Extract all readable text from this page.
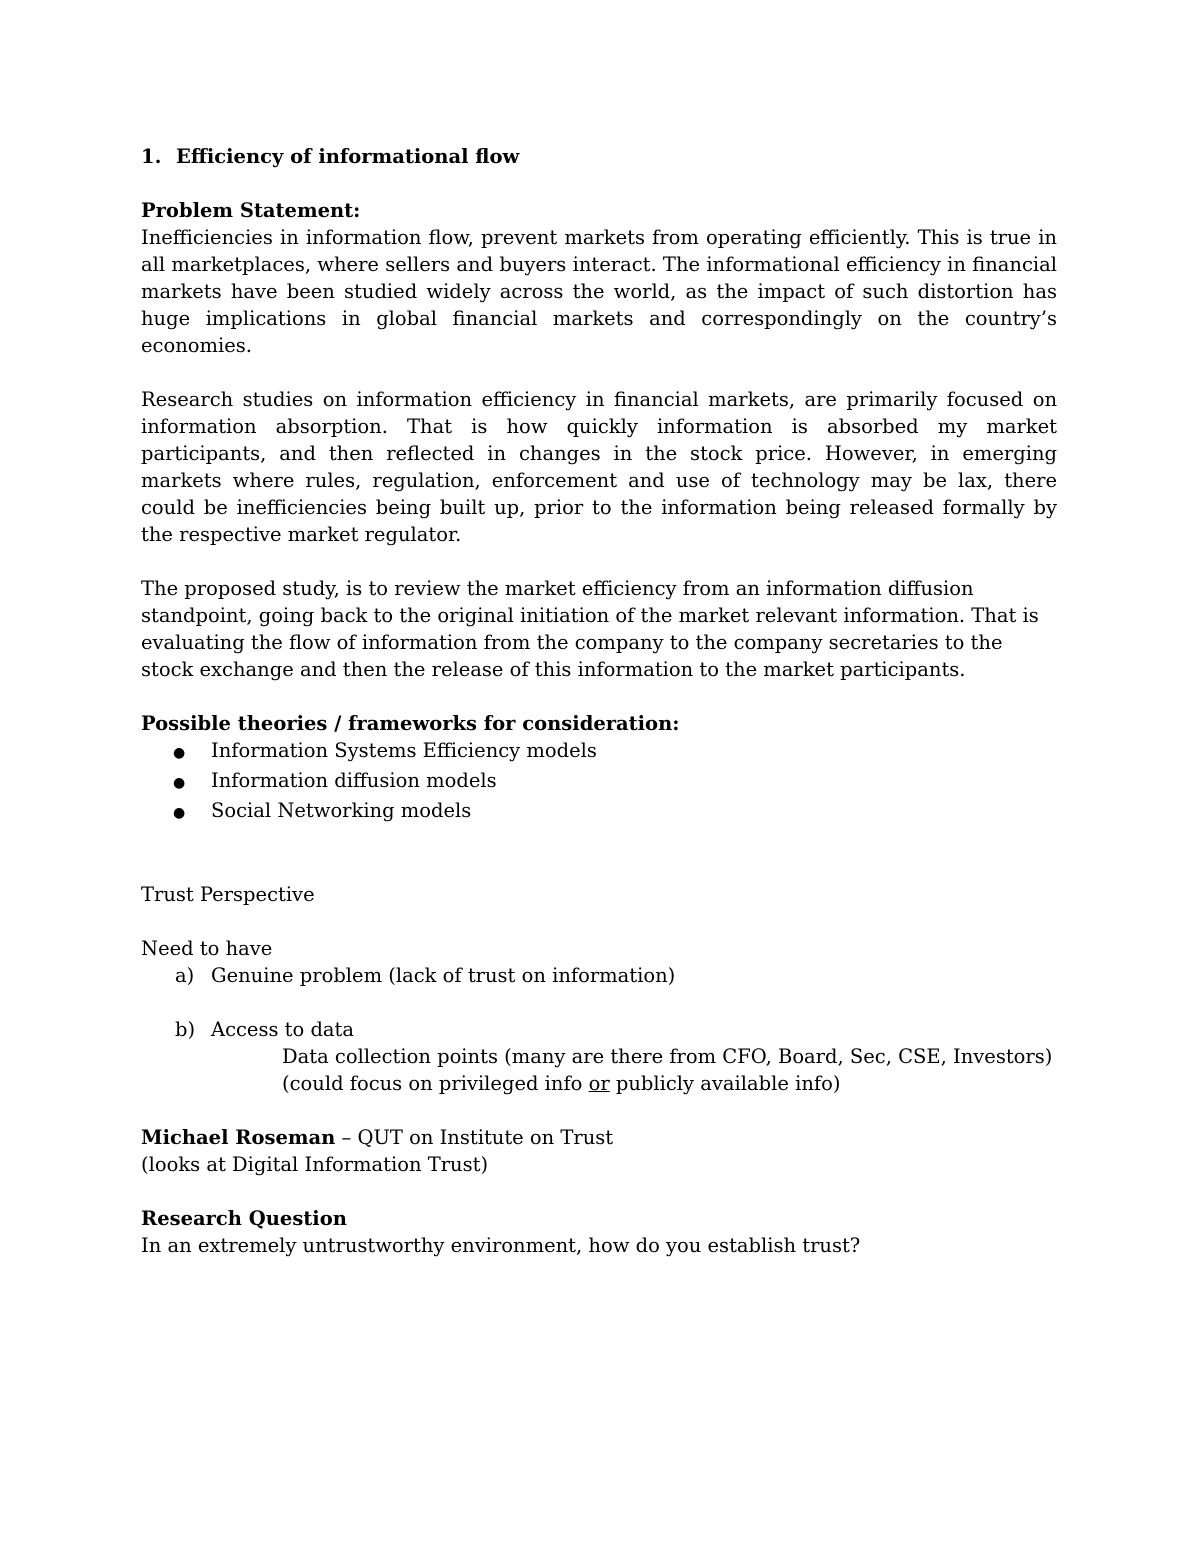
1. Efficiency of informational flow

Problem Statement:

Inefficiencies in information flow, prevent markets from operating efficiently. This is true in all marketplaces, where sellers and buyers interact. The informational efficiency in financial markets have been studied widely across the world, as the impact of such distortion has huge implications in global financial markets and correspondingly on the country’s economies.

Research studies on information efficiency in financial markets, are primarily focused on information absorption. That is how quickly information is absorbed my market participants, and then reflected in changes in the stock price. However, in emerging markets where rules, regulation, enforcement and use of technology may be lax, there could be inefficiencies being built up, prior to the information being released formally by the respective market regulator.

The proposed study, is to review the market efficiency from an information diffusion standpoint, going back to the original initiation of the market relevant information. That is evaluating the flow of information from the company to the company secretaries to the stock exchange and then the release of this information to the market participants.

Possible theories / frameworks for consideration:

●	Information Systems Efficiency models
●	Information diffusion models
●	Social Networking models

Trust Perspective

Need to have

a) Genuine problem (lack of trust on information)

b) Access to data

Data collection points (many are there from CFO, Board, Sec, CSE, Investors)

(could focus on privileged info or publicly available info)

Michael Roseman – QUT on Institute on Trust

(looks at Digital Information Trust)

Research Question

In an extremely untrustworthy environment, how do you establish trust?
